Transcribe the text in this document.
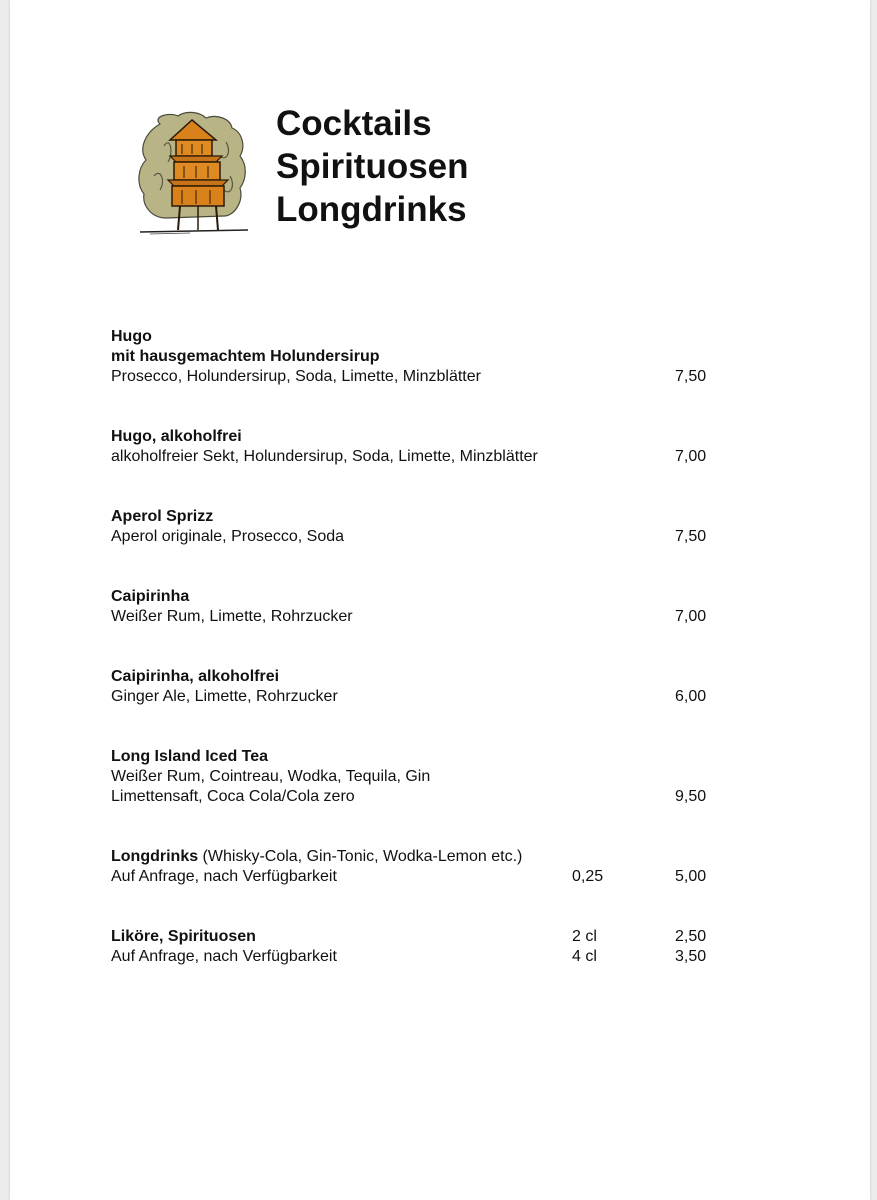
Cocktails
Spirituosen
Longdrinks
Hugo
mit hausgemachtem Holundersirup
Prosecco, Holundersirup, Soda, Limette, Minzblätter	7,50
Hugo, alkoholfrei
alkoholfreier Sekt, Holundersirup, Soda, Limette, Minzblätter	7,00
Aperol Sprizz
Aperol originale, Prosecco, Soda	7,50
Caipirinha
Weißer Rum, Limette, Rohrzucker	7,00
Caipirinha, alkoholfrei
Ginger Ale, Limette, Rohrzucker	6,00
Long Island Iced Tea
Weißer Rum, Cointreau, Wodka, Tequila, Gin
Limettensaft, Coca Cola/Cola zero	9,50
Longdrinks (Whisky-Cola, Gin-Tonic, Wodka-Lemon etc.)
Auf Anfrage, nach Verfügbarkeit	0,25	5,00
Liköre, Spirituosen	2 cl	2,50
Auf Anfrage, nach Verfügbarkeit	4 cl	3,50
